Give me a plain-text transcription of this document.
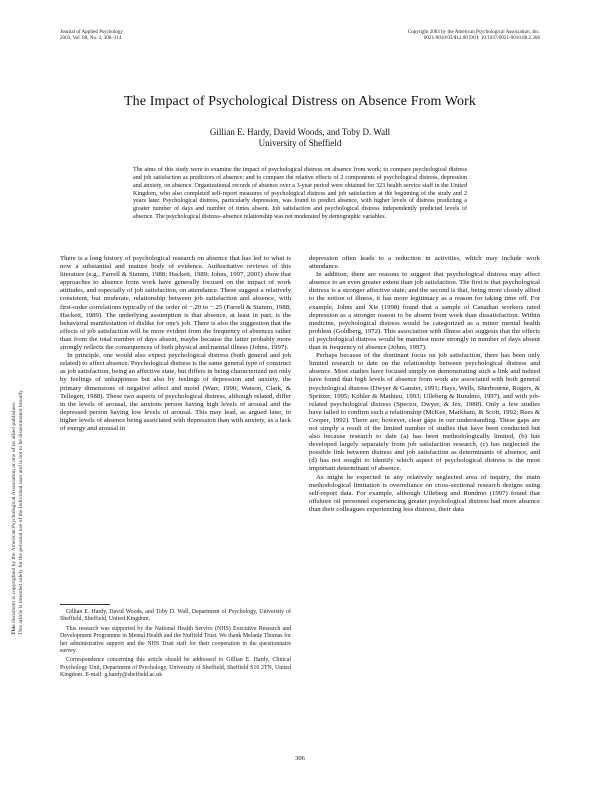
Journal of Applied Psychology
2003, Vol. 88, No. 2, 306–314
Copyright 2003 by the American Psychological Association, Inc.
0021-9010/03/$12.00 DOI: 10.1037/0021-9010.88.2.306
The Impact of Psychological Distress on Absence From Work
Gillian E. Hardy, David Woods, and Toby D. Wall
University of Sheffield
The aims of this study were to examine the impact of psychological distress on absence from work; to compare psychological distress and job satisfaction as predictors of absence; and to compare the relative effects of 2 components of psychological distress, depression and anxiety, on absence. Organizational records of absence over a 3-year period were obtained for 323 health service staff in the United Kingdom, who also completed self-report measures of psychological distress and job satisfaction at the beginning of the study and 2 years later. Psychological distress, particularly depression, was found to predict absence, with higher levels of distress predicting a greater number of days and number of times absent. Job satisfaction and psychological distress independently predicted levels of absence. The psychological distress–absence relationship was not moderated by demographic variables.

There is a long history of psychological research on absence that has led to what is now a substantial and mature body of evidence. Authoritative reviews of this literature (e.g., Farrell & Stamm, 1988; Hackett, 1989; Johns, 1997, 2001) show that approaches to absence from work have generally focused on the impact of work attitudes, and especially of job satisfaction, on attendance. These suggest a relatively consistent, but moderate, relationship between job satisfaction and absence, with first-order correlations typically of the order of −.20 to −.25 (Farrell & Stamm, 1988; Hackett, 1989). The underlying assumption is that absence, at least in part, is the behavioral manifestation of dislike for one's job. There is also the suggestion that the effects of job satisfaction will be more evident from the frequency of absences rather than from the total number of days absent, maybe because the latter probably more strongly reflects the consequences of both physical and mental illness (Johns, 1997).

In principle, one would also expect psychological distress (both general and job related) to affect absence. Psychological distress is the same general type of construct as job satisfaction, being an affective state, but differs in being characterized not only by feelings of unhappiness but also by feelings of depression and anxiety, the primary dimensions of negative affect and mood (Warr, 1990; Watson, Clark, & Tellegen, 1988). These two aspects of psychological distress, although related, differ in the levels of arousal, the anxious person having high levels of arousal and the depressed person having low levels of arousal. This may lead, as argued later, to higher levels of absence being associated with depression than with anxiety, as a lack of energy and arousal in

depression often leads to a reduction in activities, which may include work attendance.

In addition, there are reasons to suggest that psychological distress may affect absence to an even greater extent than job satisfaction. The first is that psychological distress is a stronger affective state; and the second is that, being more closely allied to the notion of illness, it has more legitimacy as a reason for taking time off. For example, Johns and Xie (1998) found that a sample of Canadian workers rated depression as a stronger reason to be absent from work than dissatisfaction. Within medicine, psychological distress would be categorized as a minor mental health problem (Goldberg, 1972). This association with illness also suggests that the effects of psychological distress would be manifest more strongly in number of days absent than in frequency of absence (Johns, 1997).

Perhaps because of the dominant focus on job satisfaction, there has been only limited research to date on the relationship between psychological distress and absence. Most studies have focused simply on demonstrating such a link and indeed have found that high levels of absence from work are associated with both general psychological distress (Dwyer & Ganster, 1991; Hays, Wells, Sherbourne, Rogers, & Spritzer, 1995; Kohler & Mathieu, 1993; Ulleberg & Rundmo, 1997), and with job-related psychological distress (Spector, Dwyer, & Jex, 1988). Only a few studies have failed to confirm such a relationship (McKee, Markham, & Scott, 1992; Rees & Cooper, 1992). There are, however, clear gaps in our understanding. These gaps are not simply a result of the limited number of studies that have been conducted but also because research to date (a) has been methodologically limited, (b) has developed largely separately from job satisfaction research, (c) has neglected the possible link between distress and job satisfaction as determinants of absence, and (d) has not sought to identify which aspect of psychological distress is the most important determinant of absence.

As might be expected in any relatively neglected area of inquiry, the main methodological limitation is overreliance on cross-sectional research designs using self-report data. For example, although Ulleberg and Rundmo (1997) found that offshore oil personnel experiencing greater psychological distress had more absence than their colleagues experiencing less distress, their data

Gillian E. Hardy, David Woods, and Toby D. Wall, Department of Psychology, University of Sheffield, Sheffield, United Kingdom.

This research was supported by the National Health Service (NHS) Executive Research and Development Programme in Mental Health and the Nuffield Trust. We thank Melanie Thomas for her administrative support and the NHS Trust staff for their cooperation in the questionnaire survey.

Correspondence concerning this article should be addressed to Gillian E. Hardy, Clinical Psychology Unit, Department of Psychology, University of Sheffield, Sheffield S10 2TN, United Kingdom. E-mail: g.hardy@sheffield.ac.uk

306
This document is copyrighted by the American Psychological Association or one of its allied publishers. This article is intended solely for the personal use of the individual user and is not to be disseminated broadly.
